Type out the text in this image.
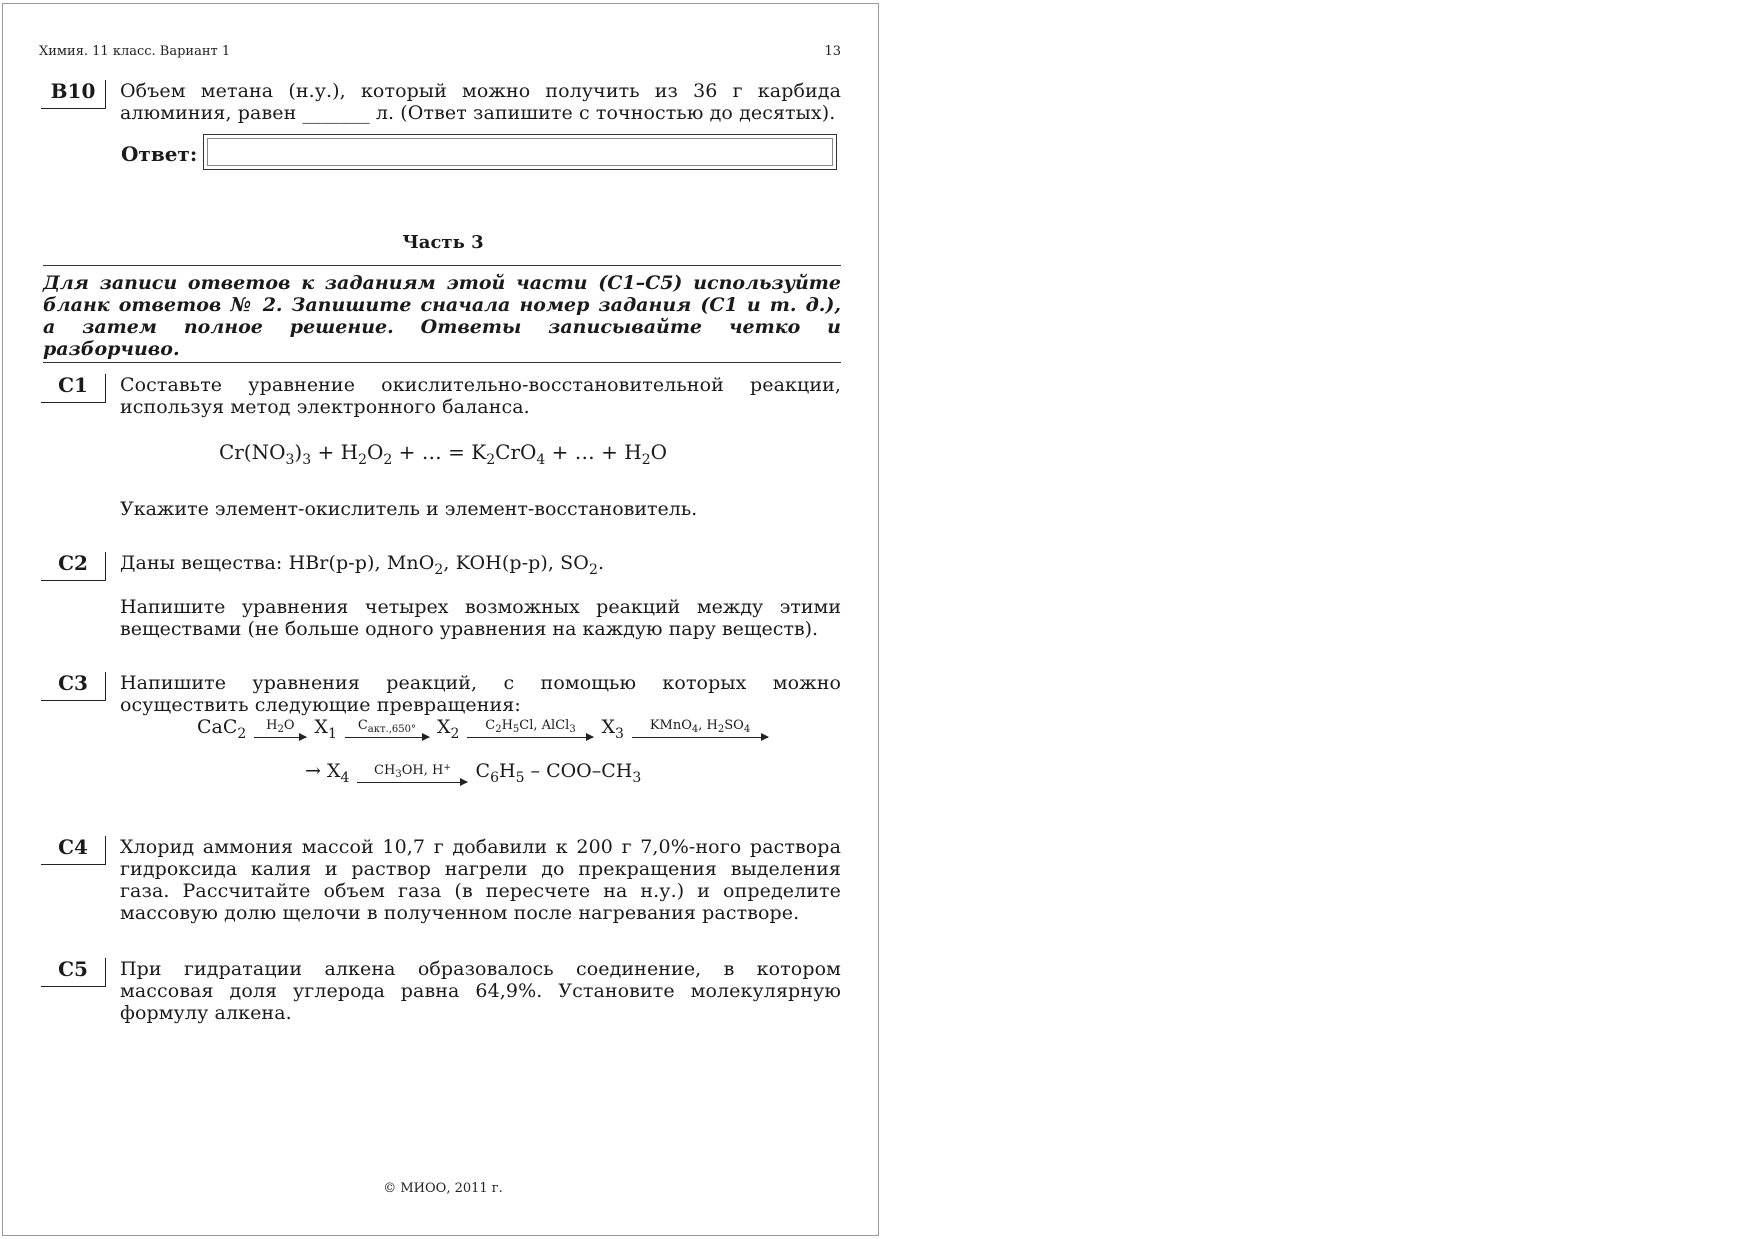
Химия. 11 класс. Вариант 1	13
B10	Объем метана (н.у.), который можно получить из 36 г карбида алюминия, равен _______ л. (Ответ запишите с точностью до десятых).
Ответ:
Часть 3
Для записи ответов к заданиям этой части (С1–С5) используйте
бланк ответов № 2. Запишите сначала номер задания (С1 и т. д.),
а затем полное решение. Ответы записывайте четко и
разборчиво.
С1	Составьте уравнение окислительно-восстановительной реакции, используя метод электронного баланса.
$Cr(NO_3)_3 + H_2O_2$ + … = $K_2CrO_4$ + … + $H_2O$
Укажите элемент-окислитель и элемент-восстановитель.
С2	Даны вещества: HBr(р-р), MnO$_2$, KOH(р-р), $SO_2$.
Напишите уравнения четырех возможных реакций между этими веществами (не больше одного уравнения на каждую пару веществ).
С3	Напишите уравнения реакций, с помощью которых можно осуществить следующие превращения:
CaC$_2$
$H_2O$	$X_1$
$C_{акт.,650^\circ}$	$X_2$
$C_2H_5Cl$, AlCl$_3$	$X_3$
KMnO$_4$, $H_2SO_4$
→ $X_4$	$CH_3OH$, H+	$C_6H_5 - COO-CH_3$
С4	Хлорид аммония массой 10,7 г добавили к 200 г 7,0%-ного раствора гидроксида калия и раствор нагрели до прекращения выделения газа. Рассчитайте объем газа (в пересчете на н.у.) и определите массовую долю щелочи в полученном после нагревания растворе.
С5	При гидратации алкена образовалось соединение, в котором массовая доля углерода равна 64,9%. Установите молекулярную формулу алкена.
© МИОО, 2011 г.
